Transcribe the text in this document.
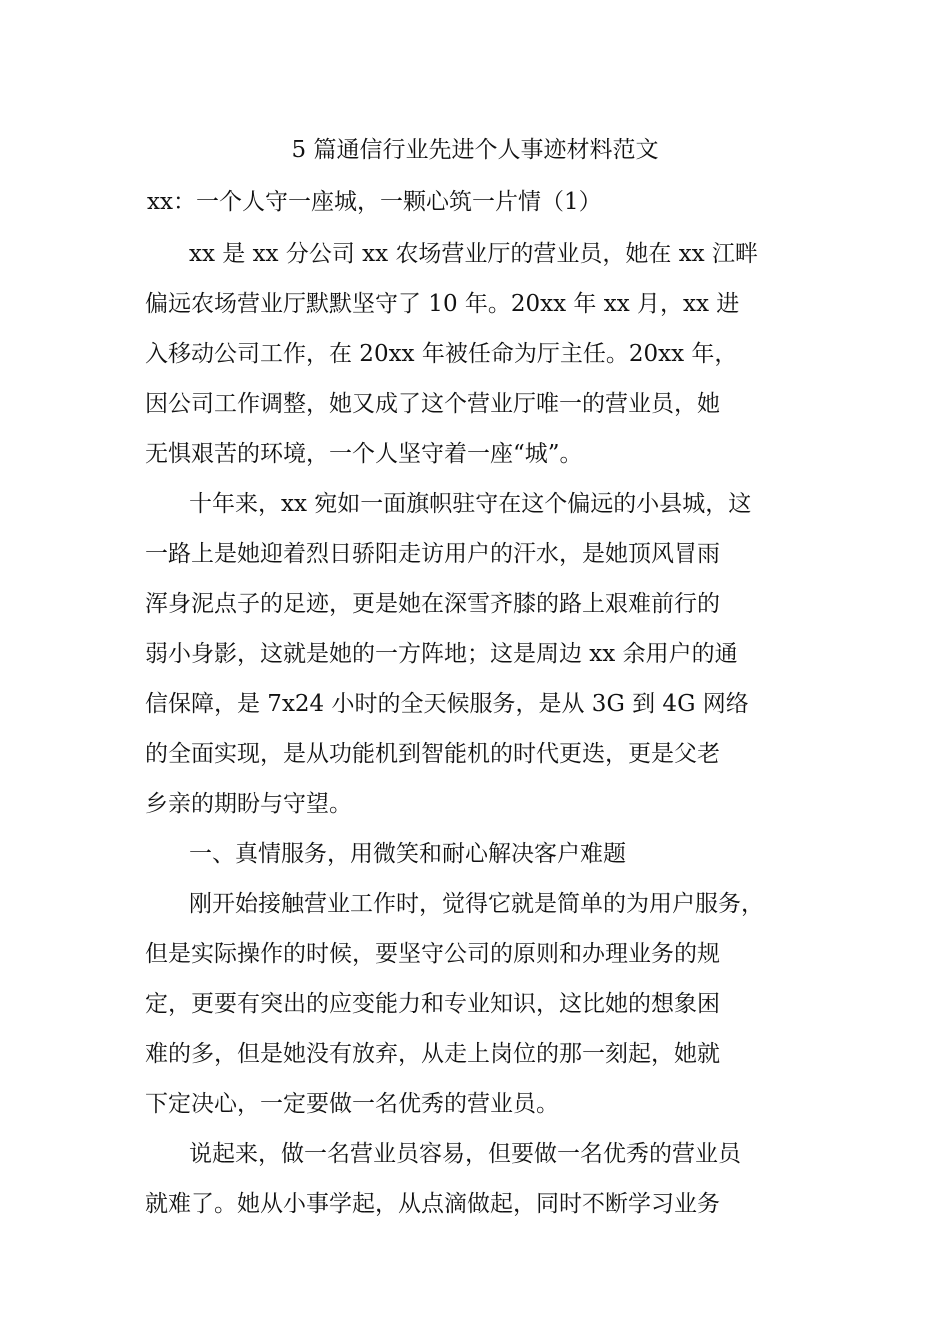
5 篇通信行业先进个人事迹材料范文
xx：一个人守一座城，一颗心筑一片情（1）
xx 是 xx 分公司 xx 农场营业厅的营业员，她在 xx 江畔
偏远农场营业厅默默坚守了 10 年。20xx 年 xx 月，xx 进
入移动公司工作，在 20xx 年被任命为厅主任。20xx 年，
因公司工作调整，她又成了这个营业厅唯一的营业员，她
无惧艰苦的环境，一个人坚守着一座“城”。
十年来，xx 宛如一面旗帜驻守在这个偏远的小县城，这
一路上是她迎着烈日骄阳走访用户的汗水，是她顶风冒雨
浑身泥点子的足迹，更是她在深雪齐膝的路上艰难前行的
弱小身影，这就是她的一方阵地；这是周边 xx 余用户的通
信保障，是 7x24 小时的全天候服务，是从 3G 到 4G 网络
的全面实现，是从功能机到智能机的时代更迭，更是父老
乡亲的期盼与守望。
一、真情服务，用微笑和耐心解决客户难题
刚开始接触营业工作时，觉得它就是简单的为用户服务，
但是实际操作的时候，要坚守公司的原则和办理业务的规
定，更要有突出的应变能力和专业知识，这比她的想象困
难的多，但是她没有放弃，从走上岗位的那一刻起，她就
下定决心，一定要做一名优秀的营业员。
说起来，做一名营业员容易，但要做一名优秀的营业员
就难了。她从小事学起，从点滴做起，同时不断学习业务
